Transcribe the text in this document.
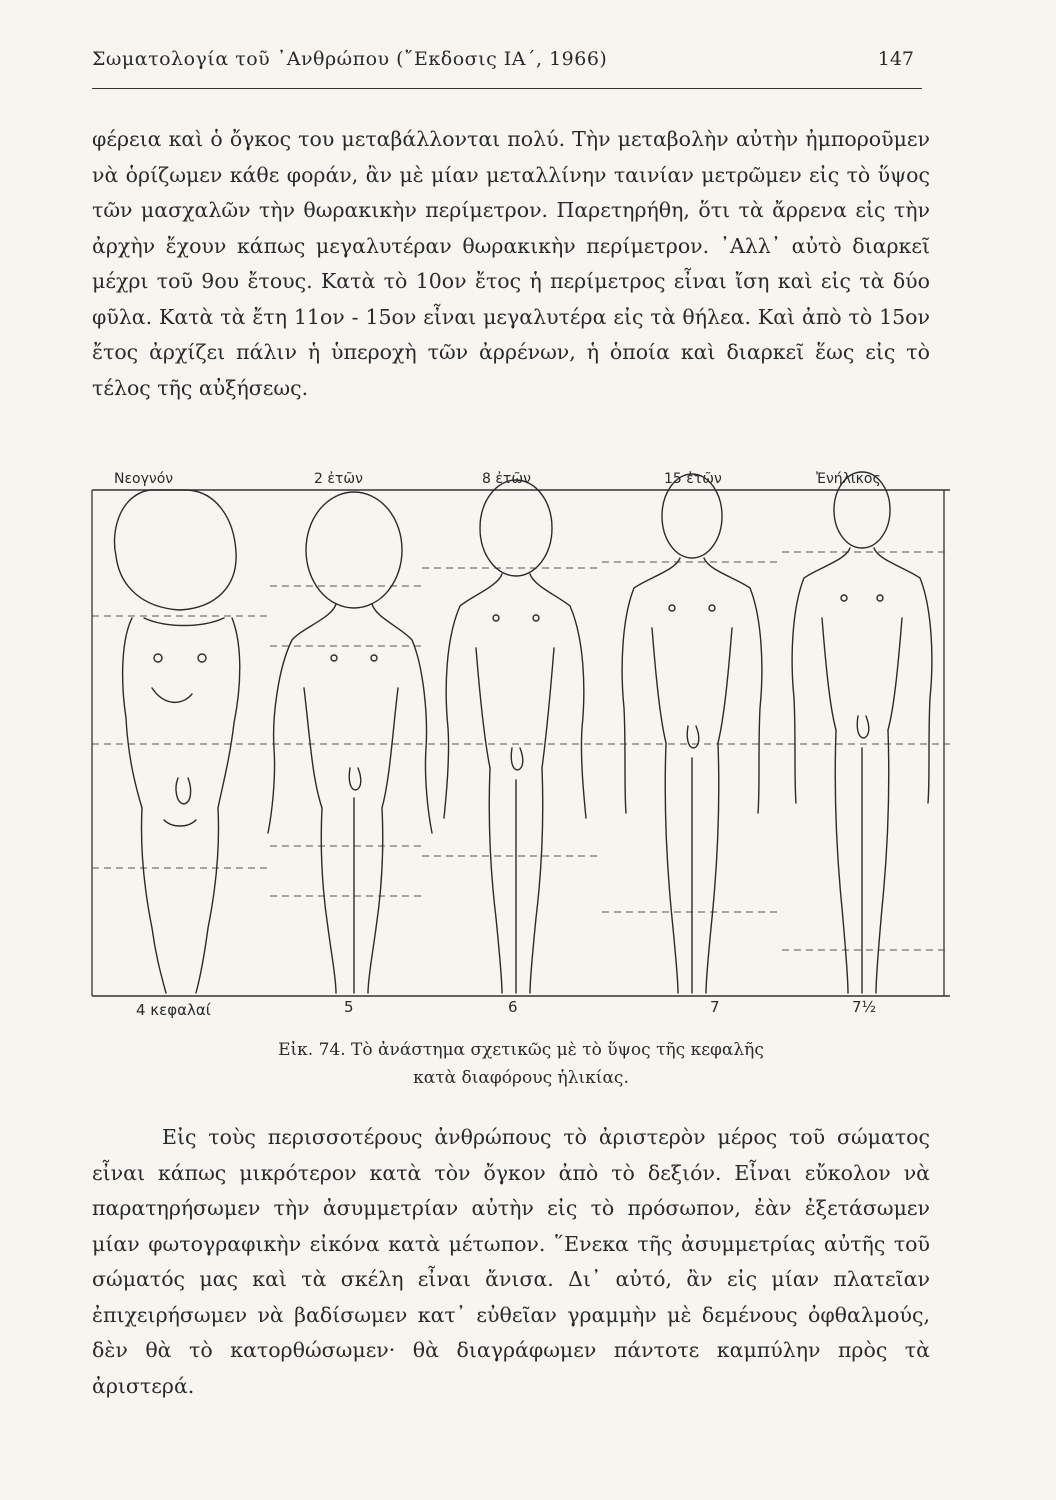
Σωματολογία τοῦ ᾿Ανθρώπου (῎Εκδοσις ΙΑ΄, 1966)	147

φέρεια καὶ ὁ ὄγκος του μεταβάλλονται πολύ. Τὴν μεταβολὴν αὐτὴν ἠμποροῦμεν νὰ ὁρίζωμεν κάθε φοράν, ἂν μὲ μίαν μεταλλίνην ταινίαν μετρῶμεν εἰς τὸ ὕψος τῶν μασχαλῶν τὴν θωρακικὴν περίμετρον. Παρετηρήθη, ὅτι τὰ ἄρρενα εἰς τὴν ἀρχὴν ἔχουν κάπως μεγαλυτέραν θωρακικὴν περίμετρον. ᾿Αλλ᾿ αὐτὸ διαρκεῖ μέχρι τοῦ 9ου ἔτους. Κατὰ τὸ 10ον ἔτος ἡ περίμετρος εἶναι ἴση καὶ εἰς τὰ δύο φῦλα. Κατὰ τὰ ἔτη 11ον - 15ον εἶναι μεγαλυτέρα εἰς τὰ θήλεα. Καὶ ἀπὸ τὸ 15ον ἔτος ἀρχίζει πάλιν ἡ ὑπεροχὴ τῶν ἀρρένων, ἡ ὁποία καὶ διαρκεῖ ἕως εἰς τὸ τέλος τῆς αὐξήσεως.

Νεογνόν	2 ἐτῶν	8 ἐτῶν	15 ἐτῶν	Ἐνήλικος
4 κεφαλαί	5	6	7	7½
Εἰκ. 74. Τὸ ἀνάστημα σχετικῶς μὲ τὸ ὕψος τῆς κεφαλῆς
κατὰ διαφόρους ἡλικίας.

Εἰς τοὺς περισσοτέρους ἀνθρώπους τὸ ἀριστερὸν μέρος τοῦ σώματος εἶναι κάπως μικρότερον κατὰ τὸν ὄγκον ἀπὸ τὸ δεξιόν. Εἶναι εὔκολον νὰ παρατηρήσωμεν τὴν ἀσυμμετρίαν αὐτὴν εἰς τὸ πρόσωπον, ἐὰν ἐξετάσωμεν μίαν φωτογραφικὴν εἰκόνα κατὰ μέτωπον. ῞Ενεκα τῆς ἀσυμμετρίας αὐτῆς τοῦ σώματός μας καὶ τὰ σκέλη εἶναι ἄνισα. Δι᾿ αὐτό, ἂν εἰς μίαν πλατεῖαν ἐπιχειρήσωμεν νὰ βαδίσωμεν κατ᾿ εὐθεῖαν γραμμὴν μὲ δεμένους ὀφθαλμούς, δὲν θὰ τὸ κατορθώσωμεν· θὰ διαγράφωμεν πάντοτε καμπύλην πρὸς τὰ ἀριστερά.
